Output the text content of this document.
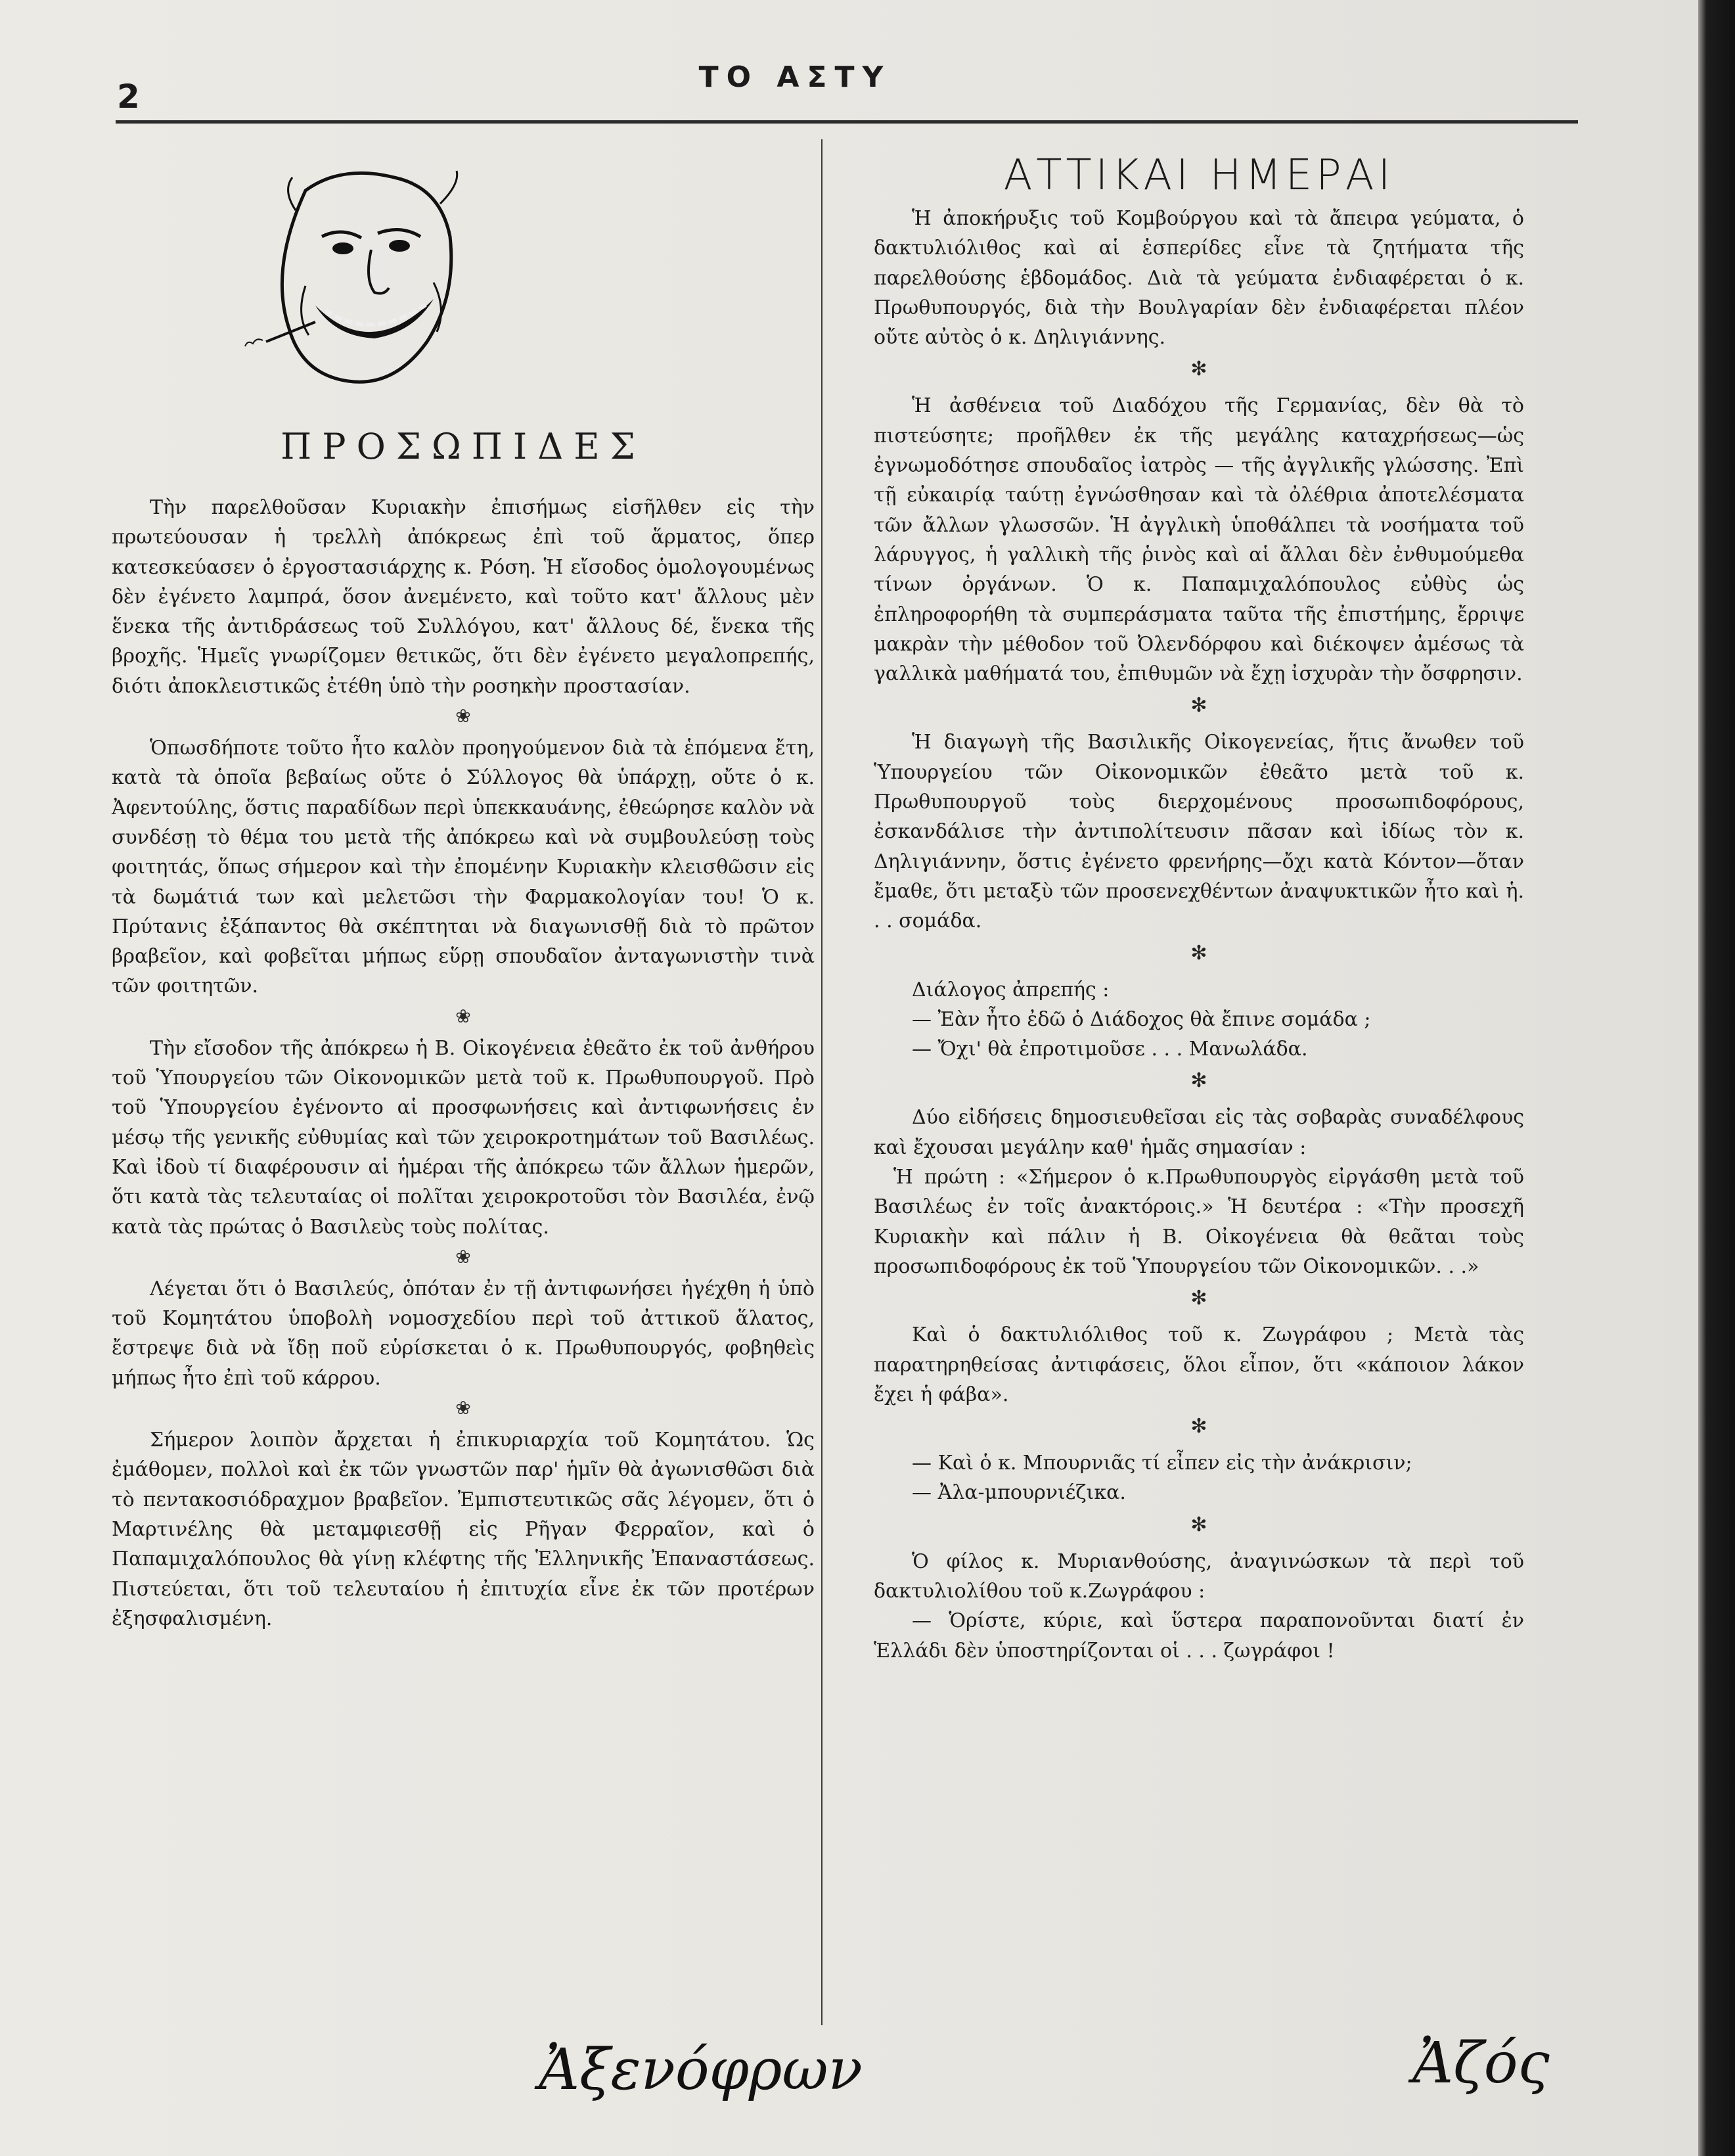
2
ΤΟ ΑΣΤΥ
ΠΡΟΣΩΠΙΔΕΣ

Τὴν παρελθοῦσαν Κυριακὴν ἐπισήμως εἰσῆλθεν εἰς τὴν πρωτεύουσαν ἡ τρελλὴ ἀπόκρεως ἐπὶ τοῦ ἅρματος, ὅπερ κατεσκεύασεν ὁ ἐργοστασιάρχης κ. Ρόση. Ἡ εἴσοδος ὁμολογουμένως δὲν ἐγένετο λαμπρά, ὅσον ἀνεμένετο, καὶ τοῦτο κατ' ἄλλους μὲν ἕνεκα τῆς ἀντιδράσεως τοῦ Συλλόγου, κατ' ἄλλους δέ, ἕνεκα τῆς βροχῆς. Ἡμεῖς γνωρίζομεν θετικῶς, ὅτι δὲν ἐγένετο μεγαλοπρεπής, διότι ἀποκλειστικῶς ἐτέθη ὑπὸ τὴν ροσηκὴν προστασίαν.

❀

Ὁπωσδήποτε τοῦτο ἦτο καλὸν προηγούμενον διὰ τὰ ἑπόμενα ἔτη, κατὰ τὰ ὁποῖα βεβαίως οὔτε ὁ Σύλλογος θὰ ὑπάρχῃ, οὔτε ὁ κ. Ἀφεντούλης, ὅστις παραδίδων περὶ ὑπεκκαυάνης, ἐθεώρησε καλὸν νὰ συνδέσῃ τὸ θέμα του μετὰ τῆς ἀπόκρεω καὶ νὰ συμβουλεύσῃ τοὺς φοιτητάς, ὅπως σήμερον καὶ τὴν ἐπομένην Κυριακὴν κλεισθῶσιν εἰς τὰ δωμάτιά των καὶ μελετῶσι τὴν Φαρμακολογίαν του! Ὁ κ. Πρύτανις ἐξάπαντος θὰ σκέπτηται νὰ διαγωνισθῇ διὰ τὸ πρῶτον βραβεῖον, καὶ φοβεῖται μήπως εὕρῃ σπουδαῖον ἀνταγωνιστὴν τινὰ τῶν φοιτητῶν.

❀

Τὴν εἴσοδον τῆς ἀπόκρεω ἡ Β. Οἰκογένεια ἐθεᾶτο ἐκ τοῦ ἀνθήρου τοῦ Ὑπουργείου τῶν Οἰκονομικῶν μετὰ τοῦ κ. Πρωθυπουργοῦ. Πρὸ τοῦ Ὑπουργείου ἐγένοντο αἱ προσφωνήσεις καὶ ἀντιφωνήσεις ἐν μέσῳ τῆς γενικῆς εὐθυμίας καὶ τῶν χειροκροτημάτων τοῦ Βασιλέως. Καὶ ἰδοὺ τί διαφέρουσιν αἱ ἡμέραι τῆς ἀπόκρεω τῶν ἄλλων ἡμερῶν, ὅτι κατὰ τὰς τελευταίας οἱ πολῖται χειροκροτοῦσι τὸν Βασιλέα, ἐνῷ κατὰ τὰς πρώτας ὁ Βασιλεὺς τοὺς πολίτας.

❀

Λέγεται ὅτι ὁ Βασιλεύς, ὁπόταν ἐν τῇ ἀντιφωνήσει ἠγέχθη ἡ ὑπὸ τοῦ Κομητάτου ὑποβολὴ νομοσχεδίου περὶ τοῦ ἀττικοῦ ἅλατος, ἔστρεψε διὰ νὰ ἴδῃ ποῦ εὑρίσκεται ὁ κ. Πρωθυπουργός, φοβηθεὶς μήπως ἦτο ἐπὶ τοῦ κάρρου.

❀

Σήμερον λοιπὸν ἄρχεται ἡ ἐπικυριαρχία τοῦ Κομητάτου. Ὡς ἐμάθομεν, πολλοὶ καὶ ἐκ τῶν γνωστῶν παρ' ἡμῖν θὰ ἀγωνισθῶσι διὰ τὸ πεντακοσιόδραχμον βραβεῖον. Ἐμπιστευτικῶς σᾶς λέγομεν, ὅτι ὁ Μαρτινέλης θὰ μεταμφιεσθῇ εἰς Ρῆγαν Φερραῖον, καὶ ὁ Παπαμιχαλόπουλος θὰ γίνῃ κλέφτης τῆς Ἑλληνικῆς Ἐπαναστάσεως. Πιστεύεται, ὅτι τοῦ τελευταίου ἡ ἐπιτυχία εἶνε ἐκ τῶν προτέρων ἐξησφαλισμένη.

Ἀξενόφρων
ΑΤΤΙΚΑΙ ΗΜΕΡΑΙ

Ἡ ἀποκήρυξις τοῦ Κομβούργου καὶ τὰ ἄπειρα γεύματα, ὁ δακτυλιόλιθος καὶ αἱ ἑσπερίδες εἶνε τὰ ζητήματα τῆς παρελθούσης ἑβδομάδος. Διὰ τὰ γεύματα ἐνδιαφέρεται ὁ κ. Πρωθυπουργός, διὰ τὴν Βουλγαρίαν δὲν ἐνδιαφέρεται πλέον οὔτε αὐτὸς ὁ κ. Δηλιγιάννης.

✻

Ἡ ἀσθένεια τοῦ Διαδόχου τῆς Γερμανίας, δὲν θὰ τὸ πιστεύσητε; προῆλθεν ἐκ τῆς μεγάλης καταχρήσεως—ὡς ἐγνωμοδότησε σπουδαῖος ἰατρὸς — τῆς ἀγγλικῆς γλώσσης. Ἐπὶ τῇ εὐκαιρίᾳ ταύτῃ ἐγνώσθησαν καὶ τὰ ὀλέθρια ἀποτελέσματα τῶν ἄλλων γλωσσῶν. Ἡ ἀγγλικὴ ὑποθάλπει τὰ νοσήματα τοῦ λάρυγγος, ἡ γαλλικὴ τῆς ῥινὸς καὶ αἱ ἄλλαι δὲν ἐνθυμούμεθα τίνων ὀργάνων. Ὁ κ. Παπαμιχαλόπουλος εὐθὺς ὡς ἐπληροφορήθη τὰ συμπεράσματα ταῦτα τῆς ἐπιστήμης, ἔρριψε μακρὰν τὴν μέθοδον τοῦ Ὀλενδόρφου καὶ διέκοψεν ἀμέσως τὰ γαλλικὰ μαθήματά του, ἐπιθυμῶν νὰ ἔχῃ ἰσχυρὰν τὴν ὄσφρησιν.

✻

Ἡ διαγωγὴ τῆς Βασιλικῆς Οἰκογενείας, ἥτις ἄνωθεν τοῦ Ὑπουργείου τῶν Οἰκονομικῶν ἐθεᾶτο μετὰ τοῦ κ. Πρωθυπουργοῦ τοὺς διερχομένους προσωπιδοφόρους, ἐσκανδάλισε τὴν ἀντιπολίτευσιν πᾶσαν καὶ ἰδίως τὸν κ. Δηλιγιάννην, ὅστις ἐγένετο φρενήρης—ὄχι κατὰ Κόντον—ὅταν ἔμαθε, ὅτι μεταξὺ τῶν προσενεχθέντων ἀναψυκτικῶν ἦτο καὶ ἡ. . . σομάδα.

✻

Διάλογος ἀπρεπής :

— Ἐὰν ἦτο ἐδῶ ὁ Διάδοχος θὰ ἔπινε σομάδα ;

— Ὄχι' θὰ ἐπροτιμοῦσε . . . Μανωλάδα.

✻

Δύο εἰδήσεις δημοσιευθεῖσαι εἰς τὰς σοβαρὰς συναδέλφους καὶ ἔχουσαι μεγάλην καθ' ἡμᾶς σημασίαν :

Ἡ πρώτη : «Σήμερον ὁ κ.Πρωθυπουργὸς εἰργάσθη μετὰ τοῦ Βασιλέως ἐν τοῖς ἀνακτόροις.» Ἡ δευτέρα : «Τὴν προσεχῆ Κυριακὴν καὶ πάλιν ἡ Β. Οἰκογένεια θὰ θεᾶται τοὺς προσωπιδοφόρους ἐκ τοῦ Ὑπουργείου τῶν Οἰκονομικῶν. . .»

✻

Καὶ ὁ δακτυλιόλιθος τοῦ κ. Ζωγράφου ; Μετὰ τὰς παρατηρηθείσας ἀντιφάσεις, ὅλοι εἶπον, ὅτι «κάποιον λάκον ἔχει ἡ φάβα».

✻

— Καὶ ὁ κ. Μπουρνιᾶς τί εἶπεν εἰς τὴν ἀνάκρισιν;

— Ἀλα-μπουρνιέζικα.

✻

Ὁ φίλος κ. Μυριανθούσης, ἀναγινώσκων τὰ περὶ τοῦ δακτυλιολίθου τοῦ κ.Ζωγράφου :

— Ὁρίστε, κύριε, καὶ ὕστερα παραπονοῦνται διατί ἐν Ἑλλάδι δὲν ὑποστηρίζονται οἱ . . . ζωγράφοι !

Ἀζός
